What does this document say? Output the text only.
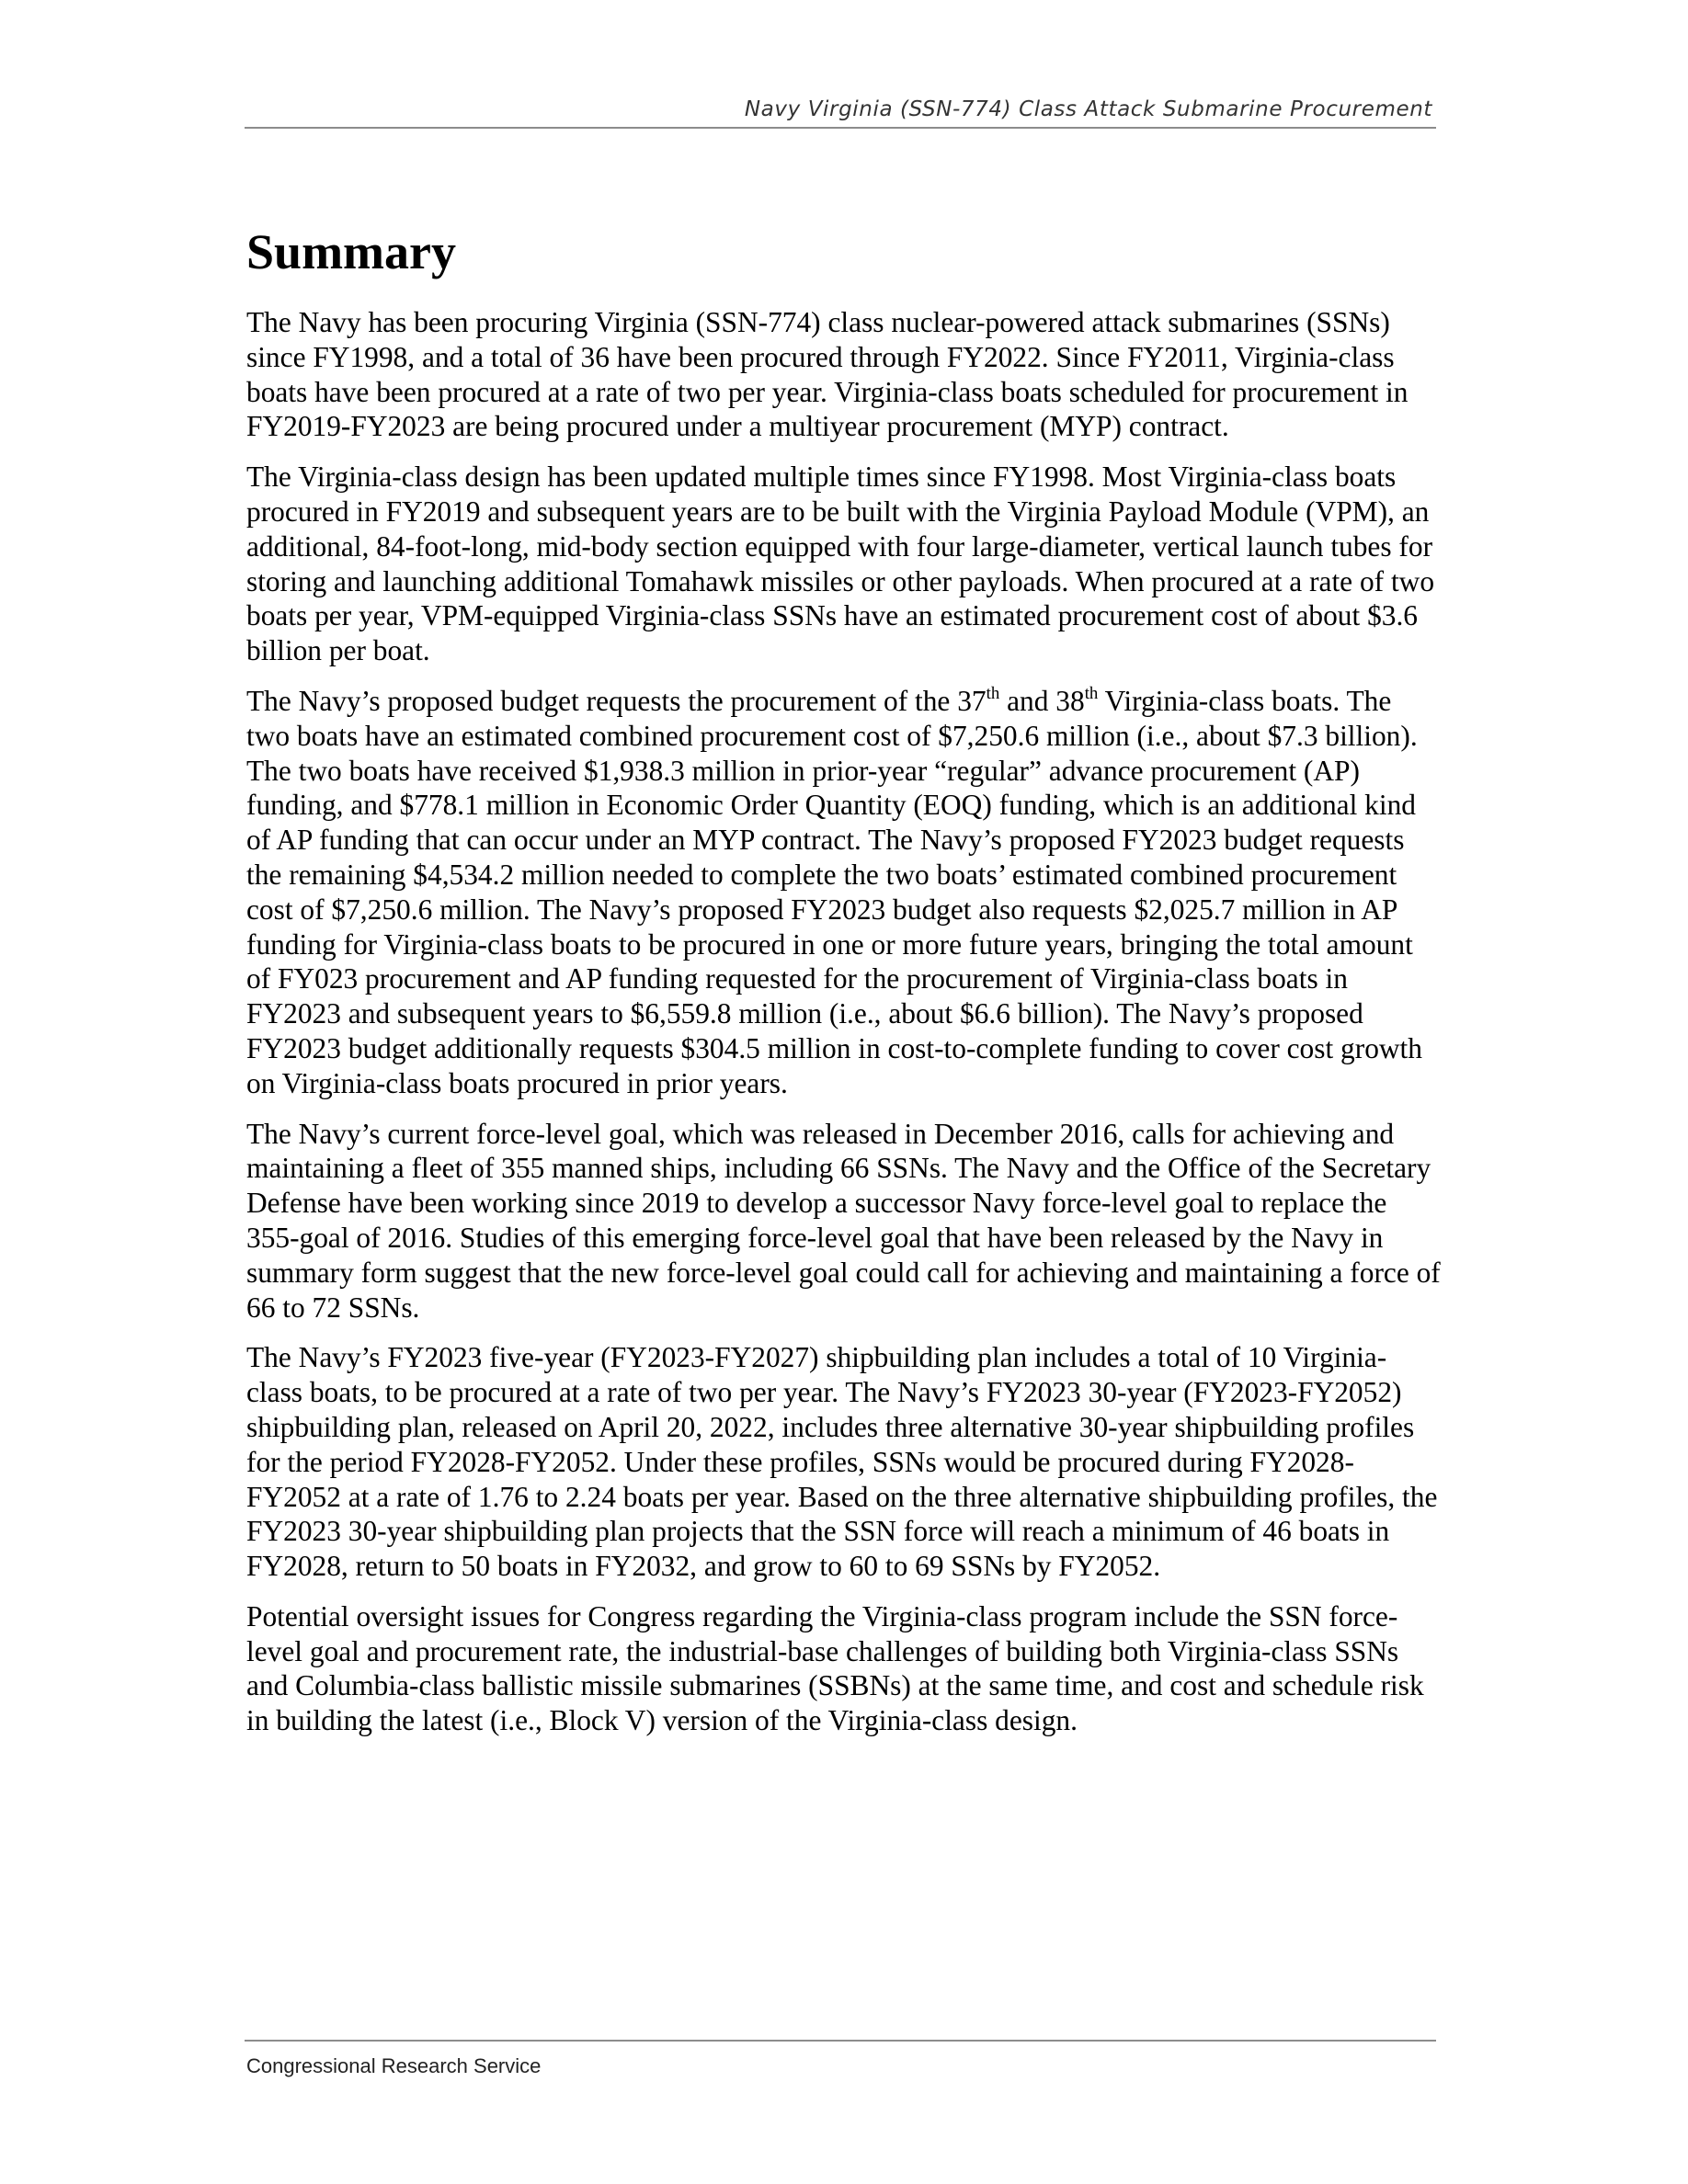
Navy Virginia (SSN-774) Class Attack Submarine Procurement
Summary

The Navy has been procuring Virginia (SSN-774) class nuclear-powered attack submarines (SSNs) since FY1998, and a total of 36 have been procured through FY2022. Since FY2011, Virginia-class boats have been procured at a rate of two per year. Virginia-class boats scheduled for procurement in FY2019-FY2023 are being procured under a multiyear procurement (MYP) contract.

The Virginia-class design has been updated multiple times since FY1998. Most Virginia-class boats procured in FY2019 and subsequent years are to be built with the Virginia Payload Module (VPM), an additional, 84-foot-long, mid-body section equipped with four large-diameter, vertical launch tubes for storing and launching additional Tomahawk missiles or other payloads. When procured at a rate of two boats per year, VPM-equipped Virginia-class SSNs have an estimated procurement cost of about $3.6 billion per boat.

The Navy’s proposed budget requests the procurement of the 37th and 38th Virginia-class boats. The two boats have an estimated combined procurement cost of $7,250.6 million (i.e., about $7.3 billion). The two boats have received $1,938.3 million in prior-year “regular” advance procurement (AP) funding, and $778.1 million in Economic Order Quantity (EOQ) funding, which is an additional kind of AP funding that can occur under an MYP contract. The Navy’s proposed FY2023 budget requests the remaining $4,534.2 million needed to complete the two boats’ estimated combined procurement cost of $7,250.6 million. The Navy’s proposed FY2023 budget also requests $2,025.7 million in AP funding for Virginia-class boats to be procured in one or more future years, bringing the total amount of FY023 procurement and AP funding requested for the procurement of Virginia-class boats in FY2023 and subsequent years to $6,559.8 million (i.e., about $6.6 billion). The Navy’s proposed FY2023 budget additionally requests $304.5 million in cost-to-complete funding to cover cost growth on Virginia-class boats procured in prior years.

The Navy’s current force-level goal, which was released in December 2016, calls for achieving and maintaining a fleet of 355 manned ships, including 66 SSNs. The Navy and the Office of the Secretary Defense have been working since 2019 to develop a successor Navy force-level goal to replace the 355-goal of 2016. Studies of this emerging force-level goal that have been released by the Navy in summary form suggest that the new force-level goal could call for achieving and maintaining a force of 66 to 72 SSNs.

The Navy’s FY2023 five-year (FY2023-FY2027) shipbuilding plan includes a total of 10 Virginia-class boats, to be procured at a rate of two per year. The Navy’s FY2023 30-year (FY2023-FY2052) shipbuilding plan, released on April 20, 2022, includes three alternative 30-year shipbuilding profiles for the period FY2028-FY2052. Under these profiles, SSNs would be procured during FY2028-FY2052 at a rate of 1.76 to 2.24 boats per year. Based on the three alternative shipbuilding profiles, the FY2023 30-year shipbuilding plan projects that the SSN force will reach a minimum of 46 boats in FY2028, return to 50 boats in FY2032, and grow to 60 to 69 SSNs by FY2052.

Potential oversight issues for Congress regarding the Virginia-class program include the SSN force-level goal and procurement rate, the industrial-base challenges of building both Virginia-class SSNs and Columbia-class ballistic missile submarines (SSBNs) at the same time, and cost and schedule risk in building the latest (i.e., Block V) version of the Virginia-class design.

Congressional Research Service
